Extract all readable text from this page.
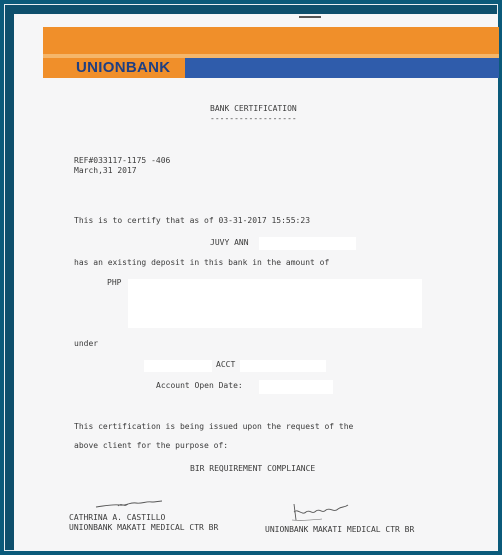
UNIONBANK
BANK CERTIFICATION
------------------
REF#033117-1175 -406
March,31 2017
This is to certify that as of 03-31-2017 15:55:23
JUVY ANN
has an existing deposit in this bank in the amount of
PHP
under
ACCT
Account Open Date:
This certification is being issued upon the request of the
above client for the purpose of:
BIR REQUIREMENT COMPLIANCE
CATHRINA A. CASTILLO
UNIONBANK MAKATI MEDICAL CTR BR	UNIONBANK MAKATI MEDICAL CTR BR
